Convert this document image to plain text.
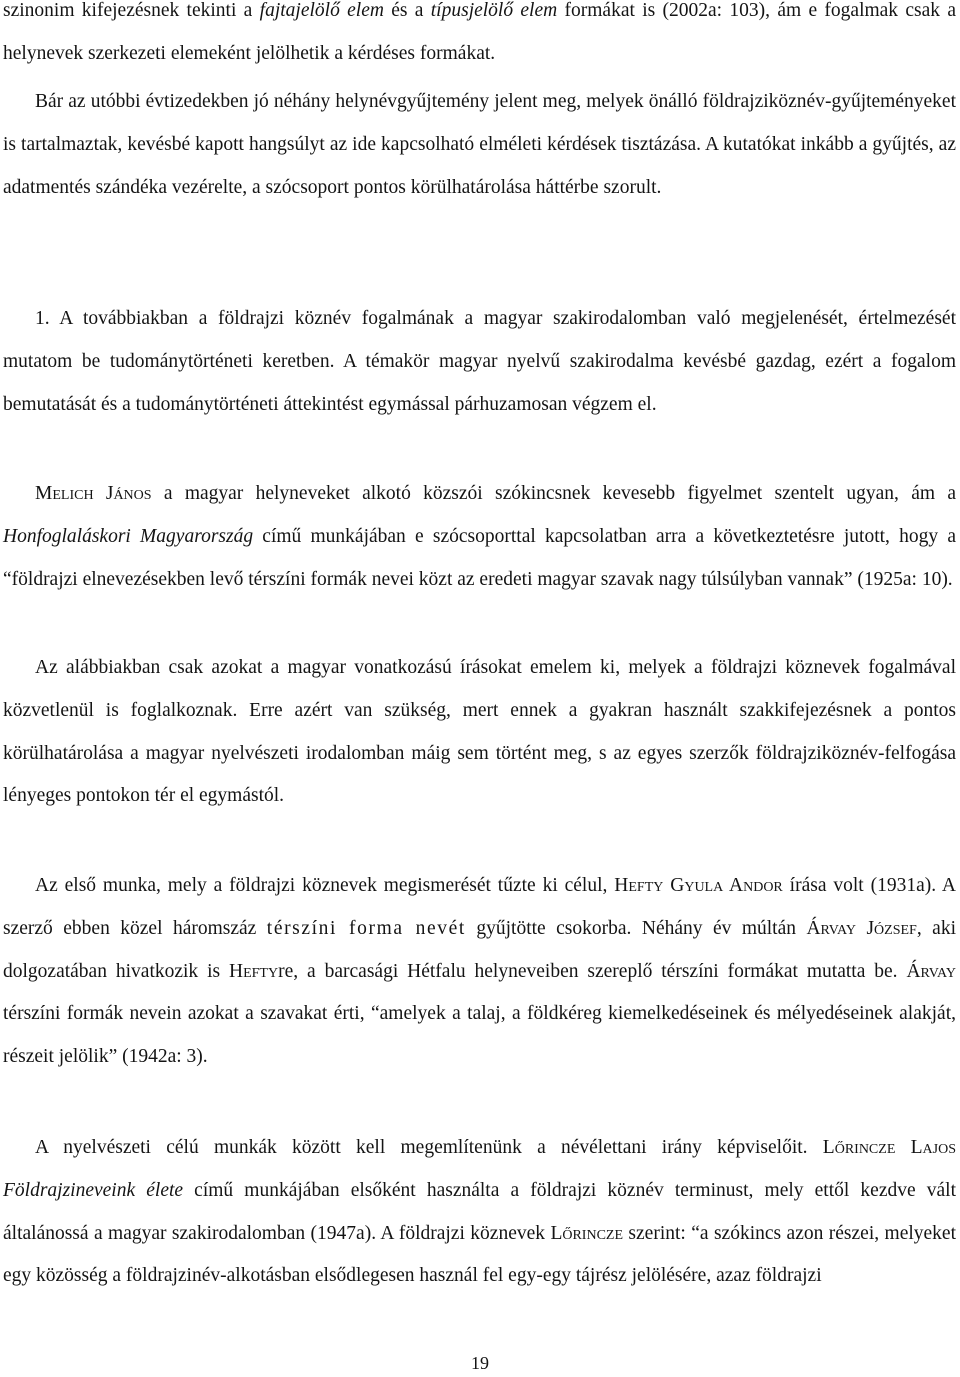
szinonim kifejezésnek tekinti a fajtajelölő elem és a típusjelölő elem formákat is (2002a: 103), ám e fogalmak csak a helynevek szerkezeti elemeként jelölhetik a kérdéses formákat.

Bár az utóbbi évtizedekben jó néhány helynévgyűjtemény jelent meg, melyek önálló földrajziköznév-gyűjteményeket is tartalmaztak, kevésbé kapott hangsúlyt az ide kapcsolható elméleti kérdések tisztázása. A kutatókat inkább a gyűjtés, az adatmentés szándéka vezérelte, a szócsoport pontos körülhatárolása háttérbe szorult.

1. A továbbiakban a földrajzi köznév fogalmának a magyar szakirodalomban való megjelenését, értelmezését mutatom be tudománytörténeti keretben. A témakör magyar nyelvű szakirodalma kevésbé gazdag, ezért a fogalom bemutatását és a tudománytörténeti áttekintést egymással párhuzamosan végzem el.

Melich János a magyar helyneveket alkotó közszói szókincsnek kevesebb figyelmet szentelt ugyan, ám a Honfoglaláskori Magyarország című munkájában e szócsoporttal kapcsolatban arra a következtetésre jutott, hogy a “földrajzi elnevezésekben levő térszíni formák nevei közt az eredeti magyar szavak nagy túlsúlyban vannak” (1925a: 10).

Az alábbiakban csak azokat a magyar vonatkozású írásokat emelem ki, melyek a földrajzi köznevek fogalmával közvetlenül is foglalkoznak. Erre azért van szükség, mert ennek a gyakran használt szakkifejezésnek a pontos körülhatárolása a magyar nyelvészeti irodalomban máig sem történt meg, s az egyes szerzők földrajziköznév-felfogása lényeges pontokon tér el egymástól.

Az első munka, mely a földrajzi köznevek megismerését tűzte ki célul, Hefty Gyula Andor írása volt (1931a). A szerző ebben közel háromszáz térszíni forma nevét gyűjtötte csokorba. Néhány év múltán Árvay József, aki dolgozatában hivatkozik is Heftyre, a barcasági Hétfalu helyneveiben szereplő térszíni formákat mutatta be. Árvay térszíni formák nevein azokat a szavakat érti, “amelyek a talaj, a földkéreg kiemelkedéseinek és mélyedéseinek alakját, részeit jelölik” (1942a: 3).

A nyelvészeti célú munkák között kell megemlítenünk a névélettani irány képviselőit. Lőrincze Lajos Földrajzineveink élete című munkájában elsőként használta a földrajzi köznév terminust, mely ettől kezdve vált általánossá a magyar szakirodalomban (1947a). A földrajzi köznevek Lőrincze szerint: “a szókincs azon részei, melyeket egy közösség a földrajzinév-alkotásban elsődlegesen használ fel egy-egy tájrész jelölésére, azaz földrajzi

19
